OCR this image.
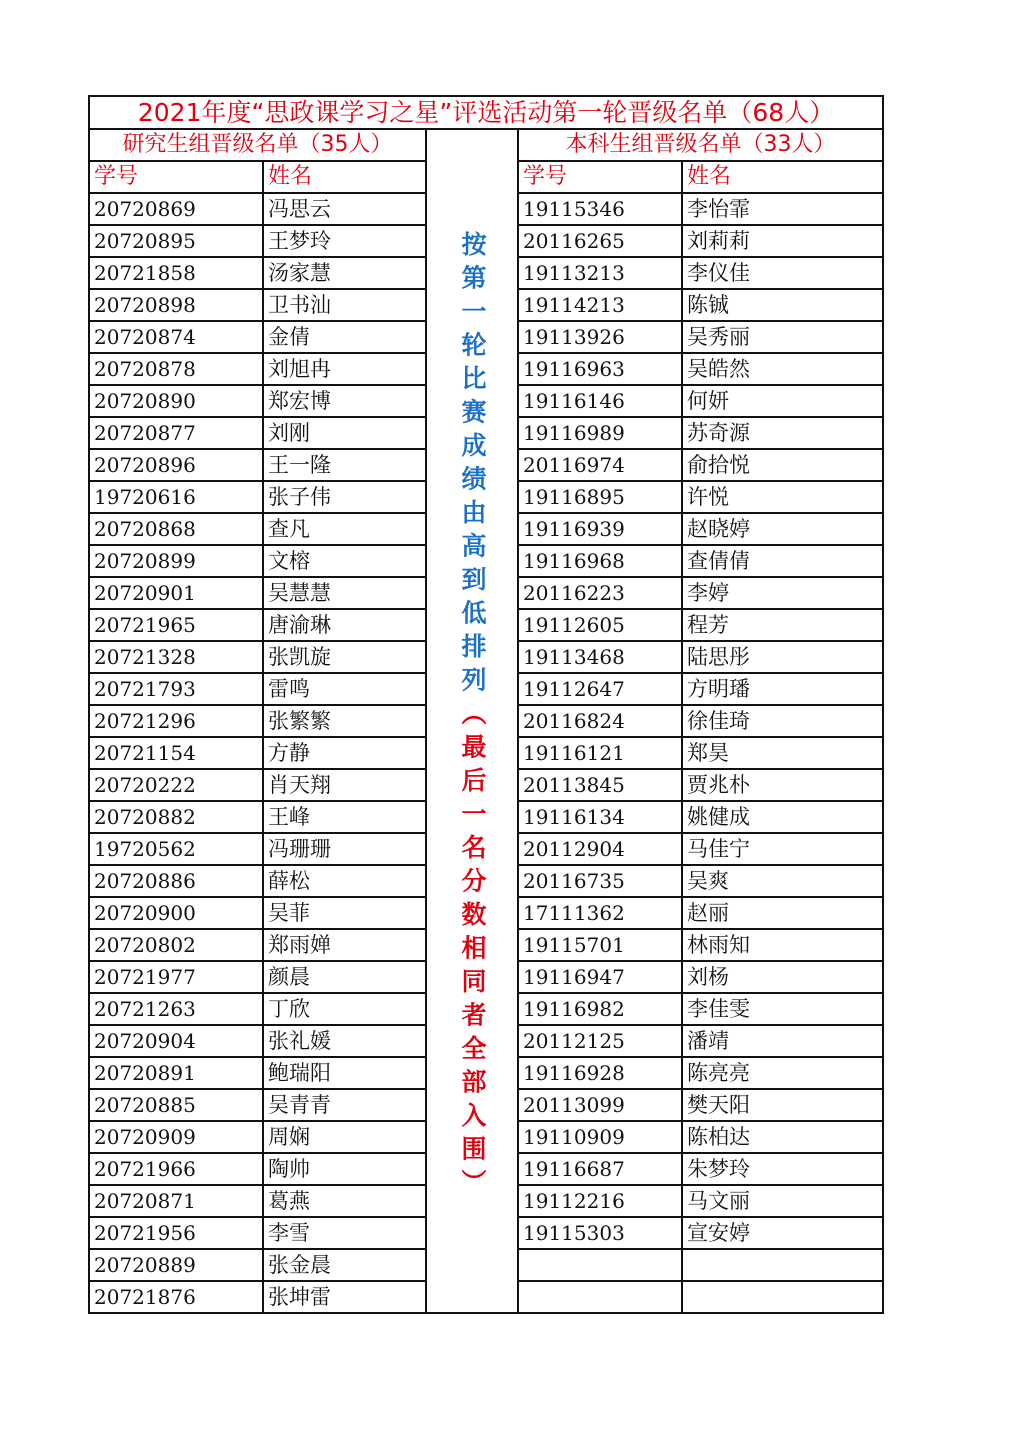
2021年度“思政课学习之星”评选活动第一轮晋级名单（68人）				
研究生组晋级名单（35人）		按第一轮比赛成绩由高到低排列（最后一名分数相同者全部入围）	本科生组晋级名单（33人）	
学号	姓名		学号	姓名
20720869	冯思云		19115346	李怡霏
20720895	王梦玲		20116265	刘莉莉
20721858	汤家慧		19113213	李仪佳
20720898	卫书汕		19114213	陈铖
20720874	金倩		19113926	吴秀丽
20720878	刘旭冉		19116963	吴皓然
20720890	郑宏博		19116146	何妍
20720877	刘刚		19116989	苏奇源
20720896	王一隆		20116974	俞拾悦
19720616	张子伟		19116895	许悦
20720868	查凡		19116939	赵晓婷
20720899	文榕		19116968	查倩倩
20720901	吴慧慧		20116223	李婷
20721965	唐渝琳		19112605	程芳
20721328	张凯旋		19113468	陆思彤
20721793	雷鸣		19112647	方明璠
20721296	张繁繁		20116824	徐佳琦
20721154	方静		19116121	郑昊
20720222	肖天翔		20113845	贾兆朴
20720882	王峰		19116134	姚健成
19720562	冯珊珊		20112904	马佳宁
20720886	薛松		20116735	吴爽
20720900	吴菲		17111362	赵丽
20720802	郑雨婵		19115701	林雨知
20721977	颜晨		19116947	刘杨
20721263	丁欣		19116982	李佳雯
20720904	张礼媛		20112125	潘靖
20720891	鲍瑞阳		19116928	陈亮亮
20720885	吴青青		20113099	樊天阳
20720909	周娴		19110909	陈柏达
20721966	陶帅		19116687	朱梦玲
20720871	葛燕		19112216	马文丽
20721956	李雪		19115303	宣安婷
20720889	张金晨			
20721876	张坤雷			
